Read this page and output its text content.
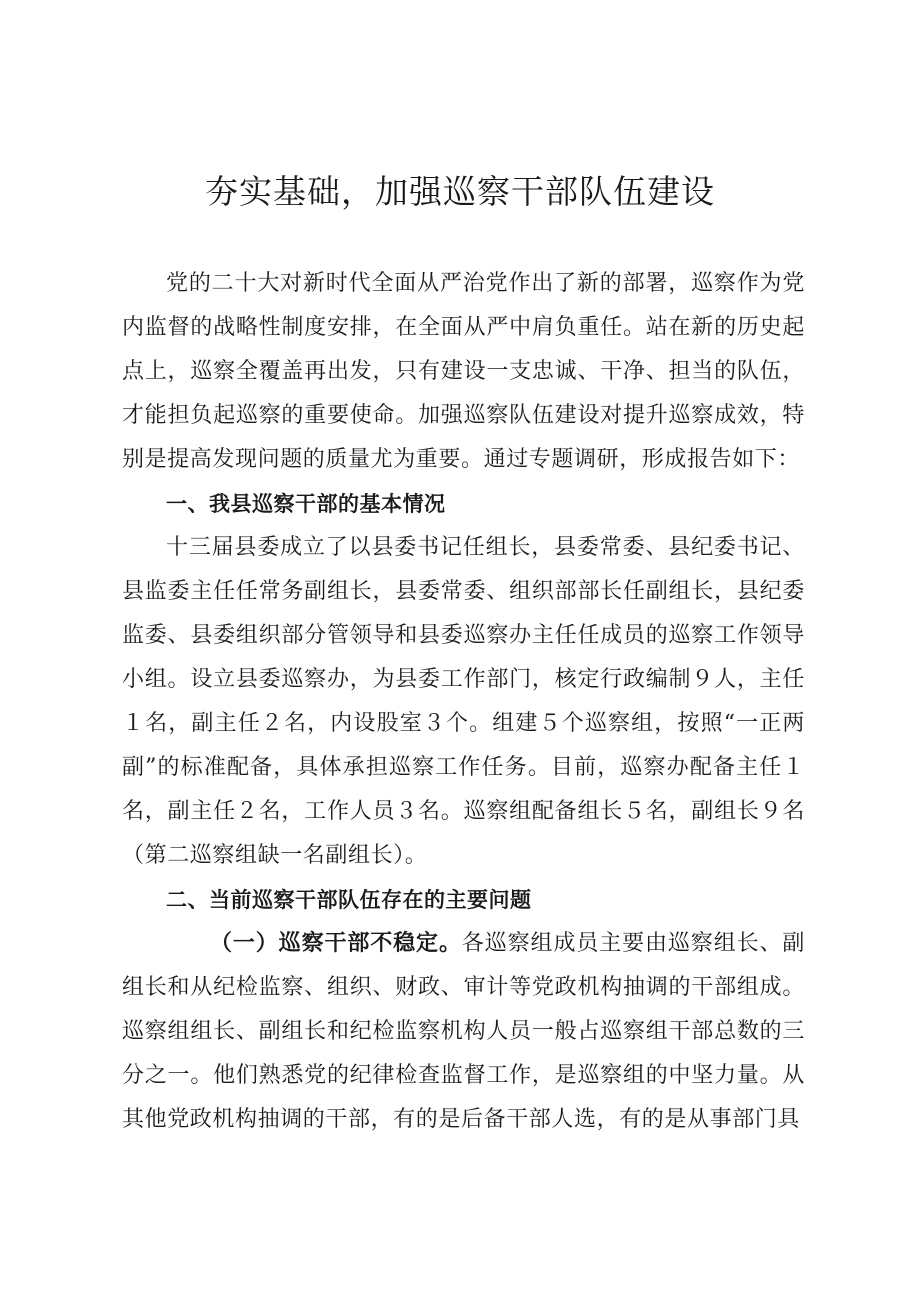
夯实基础，加强巡察干部队伍建设

党的二十大对新时代全面从严治党作出了新的部署，巡察作为党内监督的战略性制度安排，在全面从严中肩负重任。站在新的历史起点上，巡察全覆盖再出发，只有建设一支忠诚、干净、担当的队伍，才能担负起巡察的重要使命。加强巡察队伍建设对提升巡察成效，特别是提高发现问题的质量尤为重要。通过专题调研，形成报告如下：

一、我县巡察干部的基本情况

十三届县委成立了以县委书记任组长，县委常委、县纪委书记、县监委主任任常务副组长，县委常委、组织部部长任副组长，县纪委监委、县委组织部分管领导和县委巡察办主任任成员的巡察工作领导小组。设立县委巡察办，为县委工作部门，核定行政编制９人，主任１名，副主任２名，内设股室３个。组建５个巡察组，按照“一正两副”的标准配备，具体承担巡察工作任务。目前，巡察办配备主任１名，副主任２名，工作人员３名。巡察组配备组长５名，副组长９名（第二巡察组缺一名副组长）。

二、当前巡察干部队伍存在的主要问题

（一）巡察干部不稳定。各巡察组成员主要由巡察组长、副组长和从纪检监察、组织、财政、审计等党政机构抽调的干部组成。巡察组组长、副组长和纪检监察机构人员一般占巡察组干部总数的三分之一。他们熟悉党的纪律检查监督工作，是巡察组的中坚力量。从其他党政机构抽调的干部，有的是后备干部人选，有的是从事部门具
